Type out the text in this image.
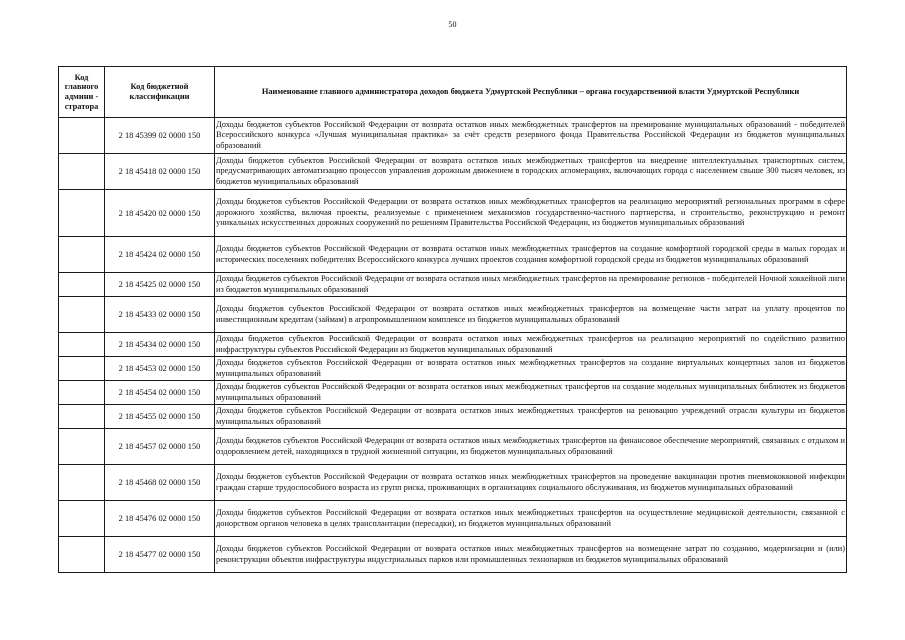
50
Код главного админи - стратора	Код бюджетной классификации	Наименование главного администратора доходов бюджета Удмуртской Республики – органа государственной власти Удмуртской Республики
	2 18 45399 02 0000 150	Доходы бюджетов субъектов Российской Федерации от возврата остатков иных межбюджетных трансфертов на премирование муниципальных образований - победителей Всероссийского конкурса «Лучшая муниципальная практика» за счёт средств резервного фонда Правительства Российской Федерации из бюджетов муниципальных образований
	2 18 45418 02 0000 150	Доходы бюджетов субъектов Российской Федерации от возврата остатков иных межбюджетных трансфертов на внедрение интеллектуальных транспортных систем, предусматривающих автоматизацию процессов управления дорожным движением в городских агломерациях, включающих города с населением свыше 300 тысяч человек, из бюджетов муниципальных образований
	2 18 45420 02 0000 150	Доходы бюджетов субъектов Российской Федерации от возврата остатков иных межбюджетных трансфертов на реализацию мероприятий региональных программ в сфере дорожного хозяйства, включая проекты, реализуемые с применением механизмов государственно-частного партнерства, и строительство, реконструкцию и ремонт уникальных искусственных дорожных сооружений по решениям Правительства Российской Федерации, из бюджетов муниципальных образований
	2 18 45424 02 0000 150	Доходы бюджетов субъектов Российской Федерации от возврата остатков иных межбюджетных трансфертов на создание комфортной городской среды в малых городах и исторических поселениях победителях Всероссийского конкурса лучших проектов создания комфортной городской среды из бюджетов муниципальных образований
	2 18 45425 02 0000 150	Доходы бюджетов субъектов Российской Федерации от возврата остатков иных межбюджетных трансфертов на премирование регионов - победителей Ночной хоккейной лиги из бюджетов муниципальных образований
	2 18 45433 02 0000 150	Доходы бюджетов субъектов Российской Федерации от возврата остатков иных межбюджетных трансфертов на возмещение части затрат на уплату процентов по инвестиционным кредитам (займам) в агропромышленном комплексе из бюджетов муниципальных образований
	2 18 45434 02 0000 150	Доходы бюджетов субъектов Российской Федерации от возврата остатков иных межбюджетных трансфертов на реализацию мероприятий по содействию развитию инфраструктуры субъектов Российской Федерации из бюджетов муниципальных образований
	2 18 45453 02 0000 150	Доходы бюджетов субъектов Российской Федерации от возврата остатков иных межбюджетных трансфертов на создание виртуальных концертных залов из бюджетов муниципальных образований
	2 18 45454 02 0000 150	Доходы бюджетов субъектов Российской Федерации от возврата остатков иных межбюджетных трансфертов на создание модельных муниципальных библиотек из бюджетов муниципальных образований
	2 18 45455 02 0000 150	Доходы бюджетов субъектов Российской Федерации от возврата остатков иных межбюджетных трансфертов на реновацию учреждений отрасли культуры из бюджетов муниципальных образований
	2 18 45457 02 0000 150	Доходы бюджетов субъектов Российской Федерации от возврата остатков иных межбюджетных трансфертов на финансовое обеспечение мероприятий, связанных с отдыхом и оздоровлением детей, находящихся в трудной жизненной ситуации, из бюджетов муниципальных образований
	2 18 45468 02 0000 150	Доходы бюджетов субъектов Российской Федерации от возврата остатков иных межбюджетных трансфертов на проведение вакцинации против пневмококковой инфекции граждан старше трудоспособного возраста из групп риска, проживающих в организациях социального обслуживания, из бюджетов муниципальных образований
	2 18 45476 02 0000 150	Доходы бюджетов субъектов Российской Федерации от возврата остатков иных межбюджетных трансфертов на осуществление медицинской деятельности, связанной с донорством органов человека в целях трансплантации (пересадки), из бюджетов муниципальных образований
	2 18 45477 02 0000 150	Доходы бюджетов субъектов Российской Федерации от возврата остатков иных межбюджетных трансфертов на возмещение затрат по созданию, модернизации и (или) реконструкции объектов инфраструктуры индустриальных парков или промышленных технопарков из бюджетов муниципальных образований
